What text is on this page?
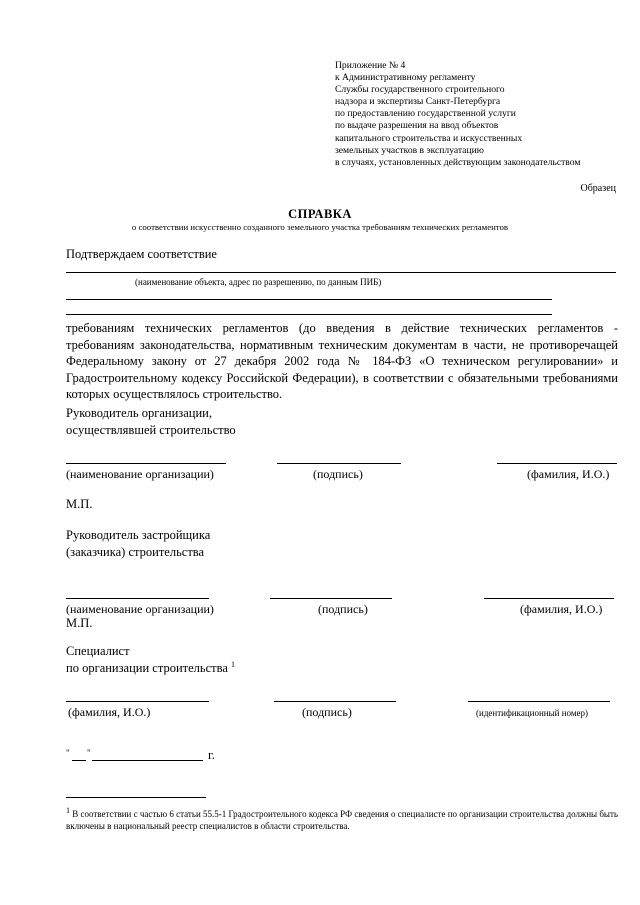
Приложение № 4
к Административному регламенту
Службы государственного строительного
надзора и экспертизы Санкт-Петербурга
по предоставлению государственной услуги
по выдаче разрешения на ввод объектов
капитального строительства и искусственных
земельных участков в эксплуатацию
в случаях, установленных действующим законодательством
Образец
СПРАВКА
о соответствии искусственно созданного земельного участка требованиям технических регламентов
Подтверждаем соответствие
(наименование объекта, адрес по разрешению, по данным ПИБ)
требованиям технических регламентов (до введения в действие технических регламентов - требованиям законодательства, нормативным техническим документам в части, не противоречащей Федеральному закону от 27 декабря 2002 года № 184-ФЗ «О техническом регулировании» и Градостроительному кодексу Российской Федерации), в соответствии с обязательными требованиями которых осуществлялось строительство.
Руководитель организации,
осуществлявшей строительство
(наименование организации)	(подпись)	(фамилия, И.О.)
М.П.
Руководитель застройщика
(заказчика) строительства
(наименование организации)	(подпись)	(фамилия, И.О.)
М.П.
Специалист
по организации строительства $^1$
(фамилия, И.О.)	(подпись)	(идентификационный номер)
" "	г.
$^1$ В соответствии с частью 6 статьи 55.5-1 Градостроительного кодекса РФ сведения о специалисте по организации строительства должны быть включены в национальный реестр специалистов в области строительства.
